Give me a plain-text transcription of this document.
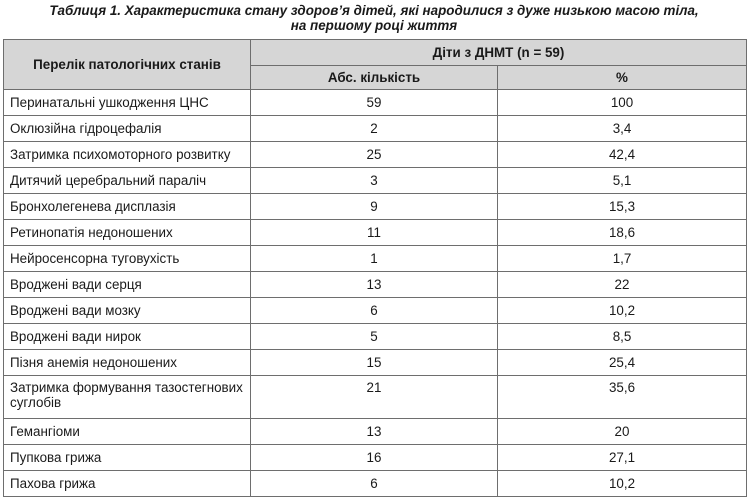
Таблиця 1. Характеристика стану здоров’я дітей, які народилися з дуже низькою масою тіла,
на першому році життя
Перелік патологічних станів	Діти з ДНМТ (n = 59)	
	Абс. кількість	%
Перинатальні ушкодження ЦНС	59	100
Оклюзійна гідроцефалія	2	3,4
Затримка психомоторного розвитку	25	42,4
Дитячий церебральний параліч	3	5,1
Бронхолегенева дисплазія	9	15,3
Ретинопатія недоношених	11	18,6
Нейросенсорна туговухість	1	1,7
Вроджені вади серця	13	22
Вроджені вади мозку	6	10,2
Вроджені вади нирок	5	8,5
Пізня анемія недоношених	15	25,4
Затримка формування тазостегнових суглобів	21	35,6
Гемангіоми	13	20
Пупкова грижа	16	27,1
Пахова грижа	6	10,2
